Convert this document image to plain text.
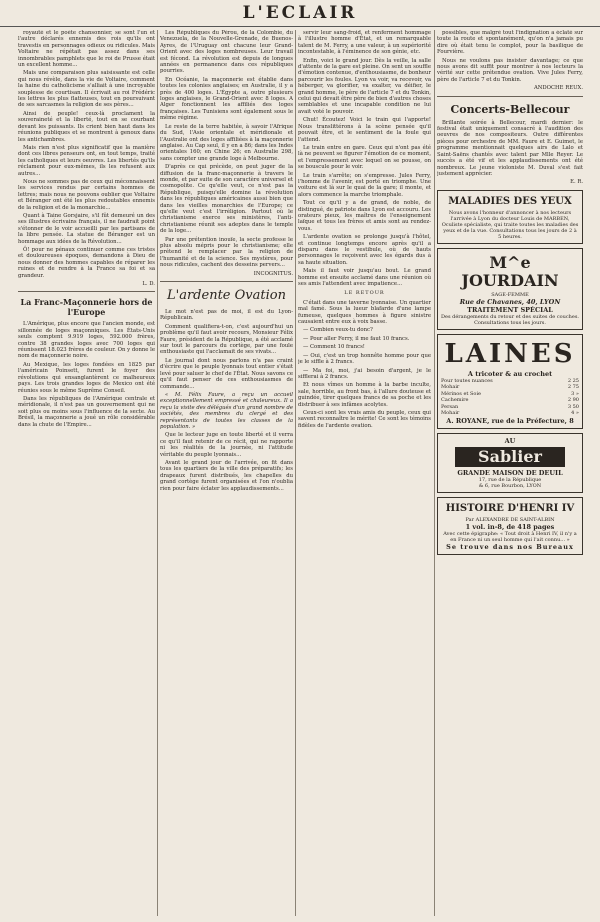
L'ECLAIR

royauté et le poète chansonnier, se sont l'un et l'autre déclarés ennemis des rois qu'ils ont travestis en personnages odieux ou ridicules. Mais Voltaire ne répétait pas assez dans ses innombrables pamphlets que le roi de Prusse était un excellent homme...

Mais une comparaison plus saisissante est celle qui nous révèle, dans la vie de Voltaire, comment la haine du catholicisme s'alliait à une incroyable souplesse de courtisan. Il écrivait au roi Frédéric les lettres les plus flatteuses, tout en poursuivant de ses sarcasmes la religion de ses pères...

Ainsi de peuple! ceux-là proclament la souveraineté et la liberté, tout en se courbant devant les puissants. Ils crient bien haut dans les réunions publiques et se montrent à genoux dans les antichambres.

Mais rien n'est plus significatif que la manière dont ces libres penseurs ont, en tout temps, traité les catholiques et leurs oeuvres. Les libertés qu'ils réclament pour eux-mêmes, ils les refusent aux autres...

Nous ne sommes pas de ceux qui méconnaissent les services rendus par certains hommes de lettres; mais nous ne pouvons oublier que Voltaire et Béranger ont été les plus redoutables ennemis de la religion et de la monarchie...

Quant à Taine Gorsjaire, s'il fût demeuré un des ses illustres écrivains français, il ne faudrait point s'étonner de le voir accueilli par les partisans de la libre pensée. La statue de Béranger est un hommage aux idées de la Révolution...

Ô! pour ne pénaux continuer comme ces tristes et douloureuses époques, demandons à Dieu de nous donner des hommes capables de réparer les ruines et de rendre à la France sa foi et sa grandeur.

L. D.
La Franc-Maçonnerie hors de l'Europe

L'Amérique, plus encore que l'ancien monde, est sillonnée de loges maçonniques. Les États-Unis seuls comptent 9.919 loges, 592.000 frères, contre 38 grandes loges avec 700 loges qui réunissent 18.023 frères de couleur. On y donne le nom de maçonnerie noire.

Au Mexique, les loges fondées en 1825 par l'américain Poinsett, furent le foyer des révolutions qui ensanglantèrent ce malheureux pays. Les trois grandes loges de Mexico ont été réunies sous le même Suprême Conseil.

Dans les républiques de l'Amérique centrale et méridionale, il n'est pas un gouvernement qui ne soit plus ou moins sous l'influence de la secte. Au Brésil, la maçonnerie a joué un rôle considérable dans la chute de l'Empire...

Les Républiques du Pérou, de la Colombie, du Venezuela, de la Nouvelle-Grenade, de Buenos-Ayres, de l'Uruguay ont chacune leur Grand-Orient avec des loges nombreuses. Leur travail est fécond. La révolution est depuis de longues années en permanence dans ces républiques pourries.

En Océanie, la maçonnerie est établie dans toutes les colonies anglaises; en Australie, il y a près de 400 loges. L'Égypte a, outre plusieurs loges anglaises, le Grand-Orient avec 8 loges. A Alger fonctionnent les affiliés des loges françaises. Les Tunisiens sont également sous le même régime.

Le reste de la terre habitée, à savoir l'Afrique du Sud, l'Asie orientale et méridionale et l'Australie ont des loges affiliées à la maçonnerie anglaise. Au Cap seul, il y en a 86; dans les Indes orientales 160; en Chine 26; en Australie 298, sans compter une grande loge à Melbourne.

D'après ce qui précède, on peut juger de la diffusion de la franc-maçonnerie à travers le monde, et par suite de son caractère universel et cosmopolite. Ce qu'elle veut, ce n'est pas la République, puisqu'elle domine la révolution dans les républiques américaines aussi bien que dans les vieilles monarchies de l'Europe; ce qu'elle veut c'est l'irréligion. Partout où le christianisme exerce ses ministères, l'anti-christianisme réunit ses adeptes dans le temple de la loge...

Par une prétention inouïe, la secte professe le plus absolu mépris pour le christianisme; elle prétend le remplacer par la religion de l'humanité et de la science. Ses mystères, pour nous ridicules, cachent des desseins pervers...

INCOGNITUS.
L'ardente Ovation

Le mot n'est pas de moi, il est du Lyon-Républicain.

Comment qualifiera-t-on, c'est aujourd'hui un problème qu'il faut avoir recours, Monsieur Félix Faure, président de la République, a été acclamé sur tout le parcours du cortège, par une foule enthousiaste qui l'acclamait de ses vivats...

Le journal dont nous parlons n'a pas craint d'écrire que le peuple lyonnais tout entier s'était levé pour saluer le chef de l'État. Nous savons ce qu'il faut penser de ces enthousiasmes de commande...

« M. Félix Faure, a reçu un accueil exceptionnellement empressé et chaleureux. Il a reçu la visite des délégués d'un grand nombre de sociétés, des membres du clergé et des représentants de toutes les classes de la population. »

Que le lecteur juge en toute liberté et il verra ce qu'il faut retenir de ce récit, qui ne rapporte ni les réalités de la journée, ni l'attitude véritable du peuple lyonnais...

Avant le grand jour de l'arrivée, on fit dans tous les quartiers de la ville des préparatifs; les drapeaux furent distribués, les chapelles du grand cortège furent organisées et l'on n'oublia rien pour faire éclater les applaudissements...

servir leur sang-froid, et renferment hommage à l'illustre homme d'État, et un remarquable talent de M. Ferry, a une valeur, à un supériorité incontestable, à l'éminence de son génie, etc.

Enfin, voici le grand jour. Dès la veille, la salle d'attente de la gare est pleine. On sent un souffle d'émotion contenue, d'enthousiasme, de bonheur parcourir les foules. Lyon va voir, va recevoir, va héberger, va glorifier, va exalter, va déifier, le grand homme, le père de l'article 7 et du Tonkin, celui qui devait être père de bien d'autres choses semblables et une incapable condition ne lui avait voté le pouvoir.

Chut! Écoutez! Voici le train qui l'apporte! Nous translittérons à la scène pensée qu'il pouvait être, et le sentiment de la foule qui l'attend.

Le train entre en gare. Ceux qui n'ont pas été là ne peuvent se figurer l'émotion de ce moment, et l'empressement avec lequel on se pousse, on se bouscule pour le voir.

Le train s'arrête; on s'empresse. Jules Ferry, l'homme de l'avenir, est porté en triomphe. Une voiture est là sur le quai de la gare; il monte, et alors commence la marche triomphale.

Tout ce qu'il y a de grand, de noble, de distingué, de patriote dans Lyon est accouru. Les orateurs pieux, les maîtres de l'enseignement laïque et tous les frères et amis sont au rendez-vous.

L'ardente ovation se prolonge jusqu'à l'hôtel, et continue longtemps encore après qu'il a disparu dans le vestibule, où de hauts personnages le reçoivent avec les égards dus à sa haute situation.

Mais il faut voir jusqu'au bout. Le grand homme est ensuite acclamé dans une réunion où ses amis l'attendent avec impatience...

LE RETOUR

C'était dans une taverne lyonnaise. Un quartier mal famé. Sous la lueur blafarde d'une lampe fumeuse, quelques hommes à figure sinistre causaient entre eux à voix basse.

— Combien veux-tu donc?

— Pour aller Ferry, il me faut 10 francs.

— Comment 10 francs!

— Oui, c'est un trop honnête homme pour que je le siffle à 2 francs.

— Ma foi, moi, j'ai besoin d'argent, je le sifflerai à 2 francs.

Et nous vîmes un homme à la barbe inculte, sale, horrible, au front bas, à l'allure douteuse et guindée, tirer quelques francs de sa poche et les distribuer à ses infâmes acolytes.

Ceux-ci sont les vrais amis du peuple, ceux qui savent reconnaître le mérite! Ce sont les témoins fidèles de l'ardente ovation.

possibles, que malgré tout l'indignation a éclaté sur toute la route et spontanément, qu'on n'a jamais pu dire où était tenu le complot, pour la basilique de Fourvière.

Nous ne voulons pas insister davantage; ce que nous avons dit suffit pour montrer à nos lecteurs la vérité sur cette prétendue ovation. Vive Jules Ferry, père de l'article 7 et du Tonkin.

ANDOCHE REUX.
Concerts-Bellecour

Brillante soirée à Bellecour, mardi dernier: le festival était uniquement consacré à l'audition des oeuvres de nos compositeurs. Outre différentes pièces pour orchestre de MM. Faure et E. Guimet, le programme mentionnait quelques airs de Lalo et Saint-Saëns chantés avec talent par Mlle Reyer. Le succès a été vif et les applaudissements ont été nombreux. Le jeune violoniste M. Duval s'est fait justement apprécier.

E. R.
MALADIES DES YEUX
Nous avons l'honneur d'annoncer à nos lecteurs l'arrivée à Lyon du docteur Louis de MARBEN, Oculiste spécialiste, qui traite toutes les maladies des yeux et de la vue. Consultations tous les jours de 2 à 5 heures.
M^e JOURDAIN
SAGE-FEMME
Rue de Chavanes, 40, LYON
TRAITEMENT SPÉCIAL
Des dérangements du retour et des suites de couches. Consultations tous les jours.
LAINES
A tricoter & au crochet
Pour toutes nuances	2 25
Mohair	2 75
Mérinos et Soie	3 »
Cachemire	2 90
Persan	3 50
Mohair	4 »
A. ROYANE, rue de la Préfecture, 8
AU
Sablier
GRANDE MAISON DE DEUIL
17, rue de la République
& 6, rue Bourbon, LYON
HISTOIRE D'HENRI IV
Par ALEXANDRE DE SAINT-ALBIN
1 vol. in-8, de 418 pages
Avec cette épigraphe: « Tout droit à Henri IV, il n'y a en France ni un seul homme qui l'ait connu... »
Se trouve dans nos Bureaux
